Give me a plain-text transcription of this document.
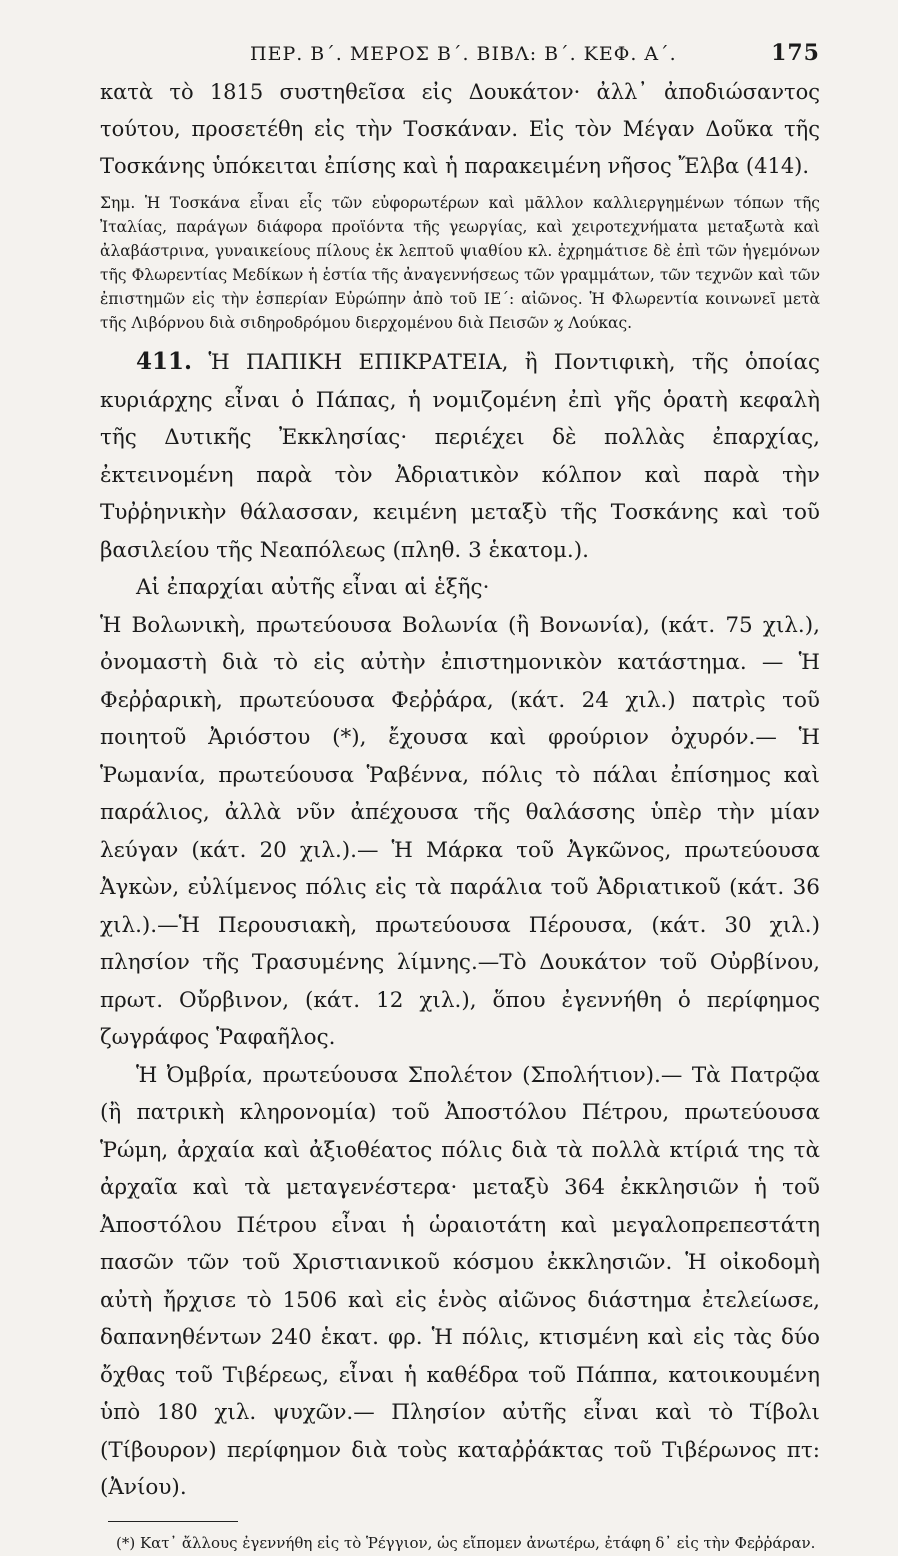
ΠΕΡ. Β΄. ΜΕΡΟΣ Β΄. ΒΙΒΛ: Β΄. ΚΕΦ. Α΄.	175

κατὰ τὸ 1815 συστηθεῖσα εἰς Δουκάτον· ἀλλ᾽ ἀποδιώσαντος τούτου, προσετέθη εἰς τὴν Τοσκάναν. Εἰς τὸν Μέγαν Δοῦκα τῆς Τοσκάνης ὑπόκειται ἐπίσης καὶ ἡ παρακειμένη νῆσος Ἔλβα (414).

Σημ. Ἡ Τοσκάνα εἶναι εἷς τῶν εὐφορωτέρων καὶ μᾶλλον καλλιεργημένων τόπων τῆς Ἰταλίας, παράγων διάφορα προϊόντα τῆς γεωργίας, καὶ χειροτεχνήματα μεταξωτὰ καὶ ἀλαβάστρινα, γυναικείους πίλους ἐκ λεπτοῦ ψιαθίου κλ. ἐχρημάτισε δὲ ἐπὶ τῶν ἡγεμόνων τῆς Φλωρεντίας Μεδίκων ἡ ἑστία τῆς ἀναγεννήσεως τῶν γραμμάτων, τῶν τεχνῶν καὶ τῶν ἐπιστημῶν εἰς τὴν ἑσπερίαν Εὐρώπην ἀπὸ τοῦ ΙΕ΄: αἰῶνος. Ἡ Φλωρεντία κοινωνεῖ μετὰ τῆς Λιβόρνου διὰ σιδηροδρόμου διερχομένου διὰ Πεισῶν ϗ Λούκας.

411. Ἡ ΠΑΠΙΚΗ ΕΠΙΚΡΑΤΕΙΑ, ἢ Ποντιφικὴ, τῆς ὁποίας κυριάρχης εἶναι ὁ Πάπας, ἡ νομιζομένη ἐπὶ γῆς ὁρατὴ κεφαλὴ τῆς Δυτικῆς Ἐκκλησίας· περιέχει δὲ πολλὰς ἐπαρχίας, ἐκτεινομένη παρὰ τὸν Ἀδριατικὸν κόλπον καὶ παρὰ τὴν Τυῤῥηνικὴν θάλασσαν, κειμένη μεταξὺ τῆς Τοσκάνης καὶ τοῦ βασιλείου τῆς Νεαπόλεως (πληθ. 3 ἑκατομ.).

Αἱ ἐπαρχίαι αὐτῆς εἶναι αἱ ἑξῆς·

Ἡ Βολωνικὴ, πρωτεύουσα Βολωνία (ἢ Βονωνία), (κάτ. 75 χιλ.), ὀνομαστὴ διὰ τὸ εἰς αὐτὴν ἐπιστημονικὸν κατάστημα. — Ἡ Φεῤῥαρικὴ, πρωτεύουσα Φεῤῥάρα, (κάτ. 24 χιλ.) πατρὶς τοῦ ποιητοῦ Ἀριόστου (*), ἔχουσα καὶ φρούριον ὀχυρόν.— Ἡ Ῥωμανία, πρωτεύουσα Ῥαβέννα, πόλις τὸ πάλαι ἐπίσημος καὶ παράλιος, ἀλλὰ νῦν ἀπέχουσα τῆς θαλάσσης ὑπὲρ τὴν μίαν λεύγαν (κάτ. 20 χιλ.).— Ἡ Μάρκα τοῦ Ἀγκῶνος, πρωτεύουσα Ἀγκὼν, εὐλίμενος πόλις εἰς τὰ παράλια τοῦ Ἀδριατικοῦ (κάτ. 36 χιλ.).—Ἡ Περουσιακὴ, πρωτεύουσα Πέρουσα, (κάτ. 30 χιλ.) πλησίον τῆς Τρασυμένης λίμνης.—Τὸ Δουκάτον τοῦ Οὐρβίνου, πρωτ. Οὔρβινον, (κάτ. 12 χιλ.), ὅπου ἐγεννήθη ὁ περίφημος ζωγράφος Ῥαφαῆλος.

Ἡ Ὀμβρία, πρωτεύουσα Σπολέτον (Σπολήτιον).— Τὰ Πατρῷα (ἢ πατρικὴ κληρονομία) τοῦ Ἀποστόλου Πέτρου, πρωτεύουσα Ῥώμη, ἀρχαία καὶ ἀξιοθέατος πόλις διὰ τὰ πολλὰ κτίριά της τὰ ἀρχαῖα καὶ τὰ μεταγενέστερα· μεταξὺ 364 ἐκκλησιῶν ἡ τοῦ Ἀποστόλου Πέτρου εἶναι ἡ ὡραιοτάτη καὶ μεγαλοπρεπεστάτη πασῶν τῶν τοῦ Χριστιανικοῦ κόσμου ἐκκλησιῶν. Ἡ οἰκοδομὴ αὐτὴ ἤρχισε τὸ 1506 καὶ εἰς ἑνὸς αἰῶνος διάστημα ἐτελείωσε, δαπανηθέντων 240 ἑκατ. φρ. Ἡ πόλις, κτισμένη καὶ εἰς τὰς δύο ὄχθας τοῦ Τιβέρεως, εἶναι ἡ καθέδρα τοῦ Πάππα, κατοικουμένη ὑπὸ 180 χιλ. ψυχῶν.— Πλησίον αὐτῆς εἶναι καὶ τὸ Τίβολι (Τίβουρον) περίφημον διὰ τοὺς καταῤῥάκτας τοῦ Τιβέρωνος πτ: (Ἀνίου).

(*) Κατ᾽ ἄλλους ἐγεννήθη εἰς τὸ Ῥέγγιον, ὡς εἴπομεν ἀνωτέρω, ἐτάφη δ᾽ εἰς τὴν Φεῤῥάραν.
